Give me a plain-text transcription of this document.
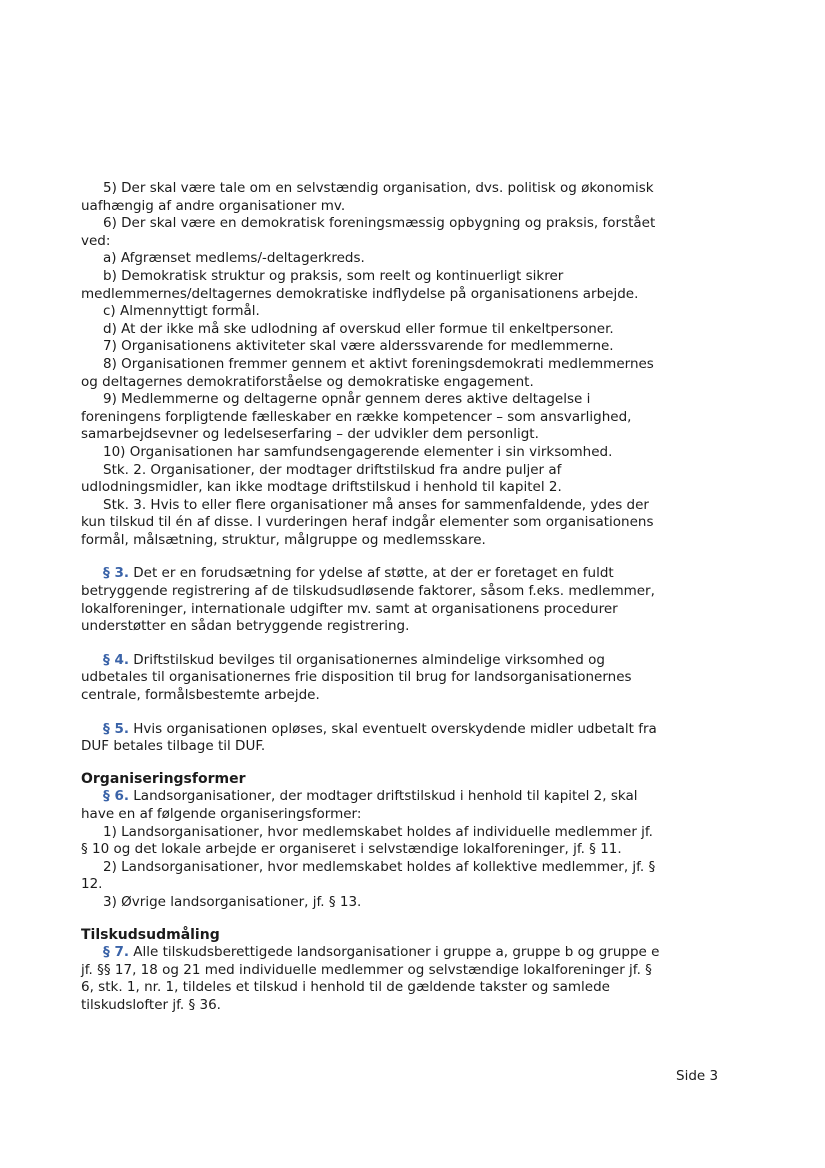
5) Der skal være tale om en selvstændig organisation, dvs. politisk og økonomisk uafhængig af andre organisationer mv.

6) Der skal være en demokratisk foreningsmæssig opbygning og praksis, forstået ved:

a) Afgrænset medlems/-deltagerkreds.

b) Demokratisk struktur og praksis, som reelt og kontinuerligt sikrer medlemmernes/deltagernes demokratiske indflydelse på organisationens arbejde.

c) Almennyttigt formål.

d) At der ikke må ske udlodning af overskud eller formue til enkeltpersoner.

7) Organisationens aktiviteter skal være alderssvarende for medlemmerne.

8) Organisationen fremmer gennem et aktivt foreningsdemokrati medlemmernes og deltagernes demokratiforståelse og demokratiske engagement.

9) Medlemmerne og deltagerne opnår gennem deres aktive deltagelse i foreningens forpligtende fælleskaber en række kompetencer – som ansvarlighed, samarbejdsevner og ledelseserfaring – der udvikler dem personligt.

10) Organisationen har samfundsengagerende elementer i sin virksomhed.

Stk. 2. Organisationer, der modtager driftstilskud fra andre puljer af udlodningsmidler, kan ikke modtage driftstilskud i henhold til kapitel 2.

Stk. 3. Hvis to eller flere organisationer må anses for sammenfaldende, ydes der kun tilskud til én af disse. I vurderingen heraf indgår elementer som organisationens formål, målsætning, struktur, målgruppe og medlemsskare.

§ 3. Det er en forudsætning for ydelse af støtte, at der er foretaget en fuldt betryggende registrering af de tilskudsudløsende faktorer, såsom f.eks. medlemmer, lokalforeninger, internationale udgifter mv. samt at organisationens procedurer understøtter en sådan betryggende registrering.

§ 4. Driftstilskud bevilges til organisationernes almindelige virksomhed og udbetales til organisationernes frie disposition til brug for landsorganisationernes centrale, formålsbestemte arbejde.

§ 5. Hvis organisationen opløses, skal eventuelt overskydende midler udbetalt fra DUF betales tilbage til DUF.

Organiseringsformer

§ 6. Landsorganisationer, der modtager driftstilskud i henhold til kapitel 2, skal have en af følgende organiseringsformer:

1) Landsorganisationer, hvor medlemskabet holdes af individuelle medlemmer jf. § 10 og det lokale arbejde er organiseret i selvstændige lokalforeninger, jf. § 11.

2) Landsorganisationer, hvor medlemskabet holdes af kollektive medlemmer, jf. § 12.

3) Øvrige landsorganisationer, jf. § 13.

Tilskudsudmåling

§ 7. Alle tilskudsberettigede landsorganisationer i gruppe a, gruppe b og gruppe e jf. §§ 17, 18 og 21 med individuelle medlemmer og selvstændige lokalforeninger jf. § 6, stk. 1, nr. 1, tildeles et tilskud i henhold til de gældende takster og samlede tilskudslofter jf. § 36.

Side 3
